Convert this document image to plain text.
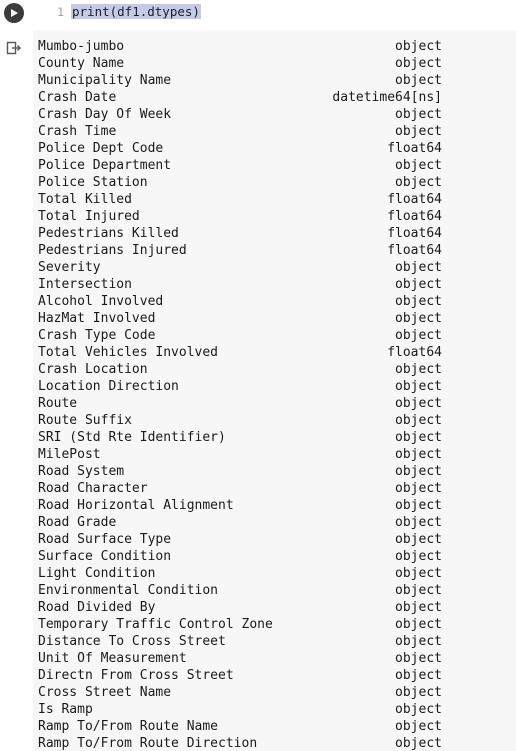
1 print(df1.dtypes)
Mumbo-jumbo	object
County Name	object
Municipality Name	object
Crash Date	datetime64[ns]
Crash Day Of Week	object
Crash Time	object
Police Dept Code	float64
Police Department	object
Police Station	object
Total Killed	float64
Total Injured	float64
Pedestrians Killed	float64
Pedestrians Injured	float64
Severity	object
Intersection	object
Alcohol Involved	object
HazMat Involved	object
Crash Type Code	object
Total Vehicles Involved	float64
Crash Location	object
Location Direction	object
Route	object
Route Suffix	object
SRI (Std Rte Identifier)	object
MilePost	object
Road System	object
Road Character	object
Road Horizontal Alignment	object
Road Grade	object
Road Surface Type	object
Surface Condition	object
Light Condition	object
Environmental Condition	object
Road Divided By	object
Temporary Traffic Control Zone	object
Distance To Cross Street	object
Unit Of Measurement	object
Directn From Cross Street	object
Cross Street Name	object
Is Ramp	object
Ramp To/From Route Name	object
Ramp To/From Route Direction	object
